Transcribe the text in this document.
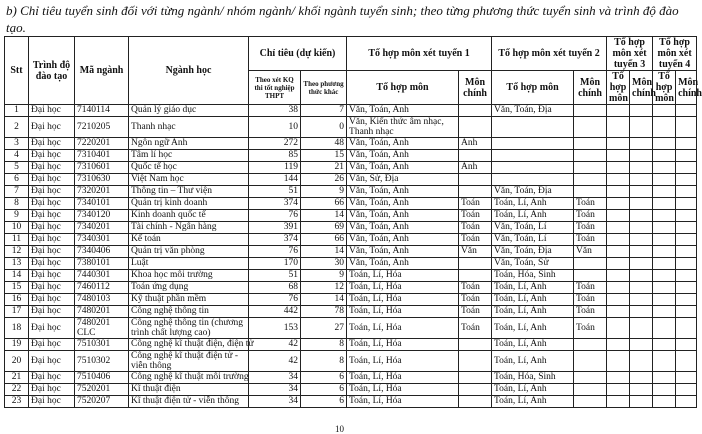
b) Chỉ tiêu tuyển sinh đối với từng ngành/ nhóm ngành/ khối ngành tuyển sinh; theo từng phương thức tuyển sinh và trình độ đào tạo.
Stt	Trình độ đào tạo	Mã ngành	Ngành học	Chỉ tiêu (dự kiến)		Tổ hợp môn xét tuyển 1		Tổ hợp môn xét tuyển 2		Tổ hợp môn xét tuyển 3		Tổ hợp môn xét tuyển 4	
				Theo xét KQ thi tốt nghiệp THPT	Theo phương thức khác	Tổ hợp môn	Môn chính	Tổ hợp môn	Môn chính	Tổ hợp môn	Môn chính	Tổ hợp môn	Môn chính
1	Đại học	7140114	Quản lý giáo dục	38	7	Văn, Toán, Anh		Văn, Toán, Địa					
2	Đại học	7210205	Thanh nhạc	10	0	Văn, Kiến thức âm nhạc, Thanh nhạc							
3	Đại học	7220201	Ngôn ngữ Anh	272	48	Văn, Toán, Anh	Anh						
4	Đại học	7310401	Tâm lí học	85	15	Văn, Toán, Anh							
5	Đại học	7310601	Quốc tế học	119	21	Văn, Toán, Anh	Anh						
6	Đại học	7310630	Việt Nam học	144	26	Văn, Sử, Địa							
7	Đại học	7320201	Thông tin – Thư viện	51	9	Văn, Toán, Anh		Văn, Toán, Địa					
8	Đại học	7340101	Quản trị kinh doanh	374	66	Văn, Toán, Anh	Toán	Toán, Lí, Anh	Toán				
9	Đại học	7340120	Kinh doanh quốc tế	76	14	Văn, Toán, Anh	Toán	Toán, Lí, Anh	Toán				
10	Đại học	7340201	Tài chính - Ngân hàng	391	69	Văn, Toán, Anh	Toán	Văn, Toán, Lí	Toán				
11	Đại học	7340301	Kế toán	374	66	Văn, Toán, Anh	Toán	Văn, Toán, Lí	Toán				
12	Đại học	7340406	Quản trị văn phòng	76	14	Văn, Toán, Anh	Văn	Văn, Toán, Địa	Văn				
13	Đại học	7380101	Luật	170	30	Văn, Toán, Anh		Văn, Toán, Sử					
14	Đại học	7440301	Khoa học môi trường	51	9	Toán, Lí, Hóa		Toán, Hóa, Sinh					
15	Đại học	7460112	Toán ứng dụng	68	12	Toán, Lí, Hóa	Toán	Toán, Lí, Anh	Toán				
16	Đại học	7480103	Kỹ thuật phần mềm	76	14	Toán, Lí, Hóa	Toán	Toán, Lí, Anh	Toán				
17	Đại học	7480201	Công nghệ thông tin	442	78	Toán, Lí, Hóa	Toán	Toán, Lí, Anh	Toán				
18	Đại học	7480201 CLC	Công nghệ thông tin (chương trình chất lượng cao)	153	27	Toán, Lí, Hóa	Toán	Toán, Lí, Anh	Toán				
19	Đại học	7510301	Công nghệ kĩ thuật điện, điện tử	42	8	Toán, Lí, Hóa		Toán, Lí, Anh					
20	Đại học	7510302	Công nghệ kĩ thuật điện tử - viễn thông	42	8	Toán, Lí, Hóa		Toán, Lí, Anh					
21	Đại học	7510406	Công nghệ kĩ thuật môi trường	34	6	Toán, Lí, Hóa		Toán, Hóa, Sinh					
22	Đại học	7520201	Kĩ thuật điện	34	6	Toán, Lí, Hóa		Toán, Lí, Anh					
23	Đại học	7520207	Kĩ thuật điện tử - viễn thông	34	6	Toán, Lí, Hóa		Toán, Lí, Anh					
10
